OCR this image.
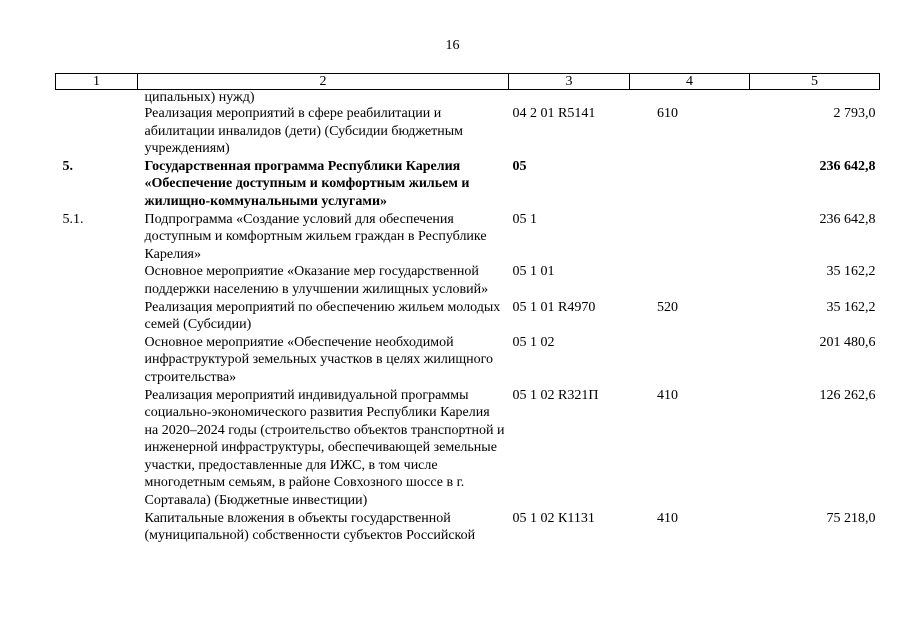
16
1	2	3	4	5
	ципальных) нужд)			
	Реализация мероприятий в сфере реабилитации и абилитации инвалидов (дети) (Субсидии бюджетным учреждениям)	04 2 01 R5141	610	2 793,0
5.	Государственная программа Республики Карелия «Обеспечение доступным и комфортным жильем и жилищно-коммунальными услугами»	05		236 642,8
5.1.	Подпрограмма «Создание условий для обеспечения доступным и комфортным жильем граждан в Республике Карелия»	05 1		236 642,8
	Основное мероприятие «Оказание мер государственной поддержки населению в улучшении жилищных условий»	05 1 01		35 162,2
	Реализация мероприятий по обеспечению жильем молодых семей (Субсидии)	05 1 01 R4970	520	35 162,2
	Основное мероприятие «Обеспечение необходимой инфраструктурой земельных участков в целях жилищного строительства»	05 1 02		201 480,6
	Реализация мероприятий индивидуальной программы социально-экономического развития Республики Карелия на 2020–2024 годы (строительство объектов транспортной и инженерной инфраструктуры, обеспечивающей земельные участки, предоставленные для ИЖС, в том числе многодетным семьям, в районе Совхозного шоссе в г. Сортавала) (Бюджетные инвестиции)	05 1 02 R321П	410	126 262,6
	Капитальные вложения в объекты государственной (муниципальной) собственности субъектов Российской	05 1 02 К1131	410	75 218,0
